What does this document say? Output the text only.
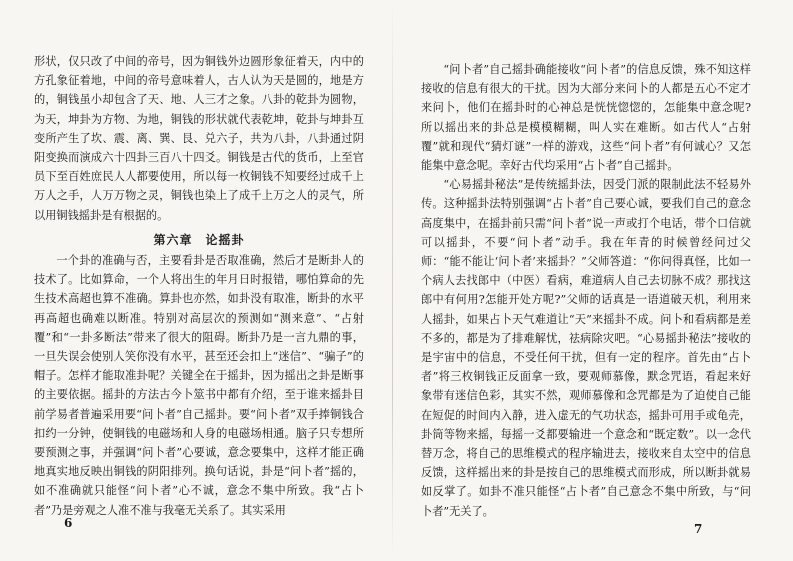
形状，仅只改了中间的帝号，因为铜钱外边圆形象征着天，内中的方孔象征着地，中间的帝号意味着人，古人认为天是圆的，地是方的，铜钱虽小却包含了天、地、人三才之象。八卦的乾卦为圆物，为天，坤卦为方物、为地，铜钱的形状就代表乾坤，乾卦与坤卦互变所产生了坎、震、离、巽、艮、兑六子，共为八卦，八卦通过阴阳变换而演成六十四卦三百八十四爻。铜钱是古代的货币，上至官员下至百姓庶民人人都要使用，所以每一枚铜钱不知要经过成千上万人之手，人万万物之灵，铜钱也染上了成千上万之人的灵气，所以用铜钱摇卦是有根据的。

第六章　论摇卦

一个卦的准确与否，主要看卦是否取准确，然后才是断卦人的技术了。比如算命，一个人将出生的年月日时报错，哪怕算命的先生技术高超也算不准确。算卦也亦然，如卦没有取准，断卦的水平再高超也确难以断准。特别对高层次的预测如“测来意”、“占射覆”和“一卦多断法”带来了很大的阻碍。断卦乃是一言九鼎的事，一旦失误会使别人笑你没有水平，甚至还会扣上“迷信”、“骗子”的帽子。怎样才能取准卦呢？关键全在于摇卦，因为摇出之卦是断事的主要依据。摇卦的方法古今卜筮书中都有介绍，至于谁来摇卦目前学易者普遍采用要“问卜者”自己摇卦。要“问卜者”双手捧铜钱合扣约一分钟，使铜钱的电磁场和人身的电磁场相通。脑子只专想所要预测之事，并强调“问卜者”心要诚，意念要集中，这样才能正确地真实地反映出铜钱的阴阳排列。换句话说，卦是“问卜者”摇的，如不准确就只能怪“问卜者”心不诚，意念不集中所致。我“占卜者”乃是旁观之人准不准与我毫无关系了。其实采用

6

“问卜者”自己摇卦确能接收“问卜者”的信息反馈，殊不知这样接收的信息有很大的干扰。因为大部分来问卜的人都是五心不定才来问卜，他们在摇卦时的心神总是恍恍惚惚的，怎能集中意念呢?所以摇出来的卦总是模模糊糊，叫人实在难断。如古代人“占射覆”就和现代“猜灯谜”一样的游戏，这些“问卜者”有何诚心？又怎能集中意念呢。幸好古代均采用“占卜者”自己摇卦。

“心易摇卦秘法”是传统摇卦法，因受门派的限制此法不轻易外传。这种摇卦法特别强调“占卜者”自己要心诚，要我们自己的意念高度集中，在摇卦前只需“问卜者”说一声或打个电话，带个口信就可以摇卦，不要“问卜者”动手。我在年青的时候曾经问过父师：“能不能让‘问卜者’来摇卦？”父师答道：“你问得真怪，比如一个病人去找郎中（中医）看病，难道病人自己去切脉不成？那找这郎中有何用?怎能开处方呢?”父师的话真是一语道破天机，利用来人摇卦，如果占卜天气难道让“天”来摇卦不成。问卜和看病都是差不多的，都是为了排难解忧，祛病除灾吧。“心易摇卦秘法”接收的是宇宙中的信息，不受任何干扰，但有一定的程序。首先由“占卜者”将三枚铜钱正反面拿一致，要观师慕像，默念咒语，看起来好象带有迷信色彩，其实不然，观师慕像和念咒都是为了迫使自己能在短促的时间内入静，进入虚无的气功状态，摇卦可用手或龟壳，卦筒等物来摇，每摇一爻都要输进一个意念和“既定数”。以一念代替万念，将自己的思维模式的程序输进去，接收来自太空中的信息反馈，这样摇出来的卦是按自己的思维模式而形成，所以断卦就易如反掌了。如卦不准只能怪“占卜者”自己意念不集中所致，与“问卜者”无关了。

7
